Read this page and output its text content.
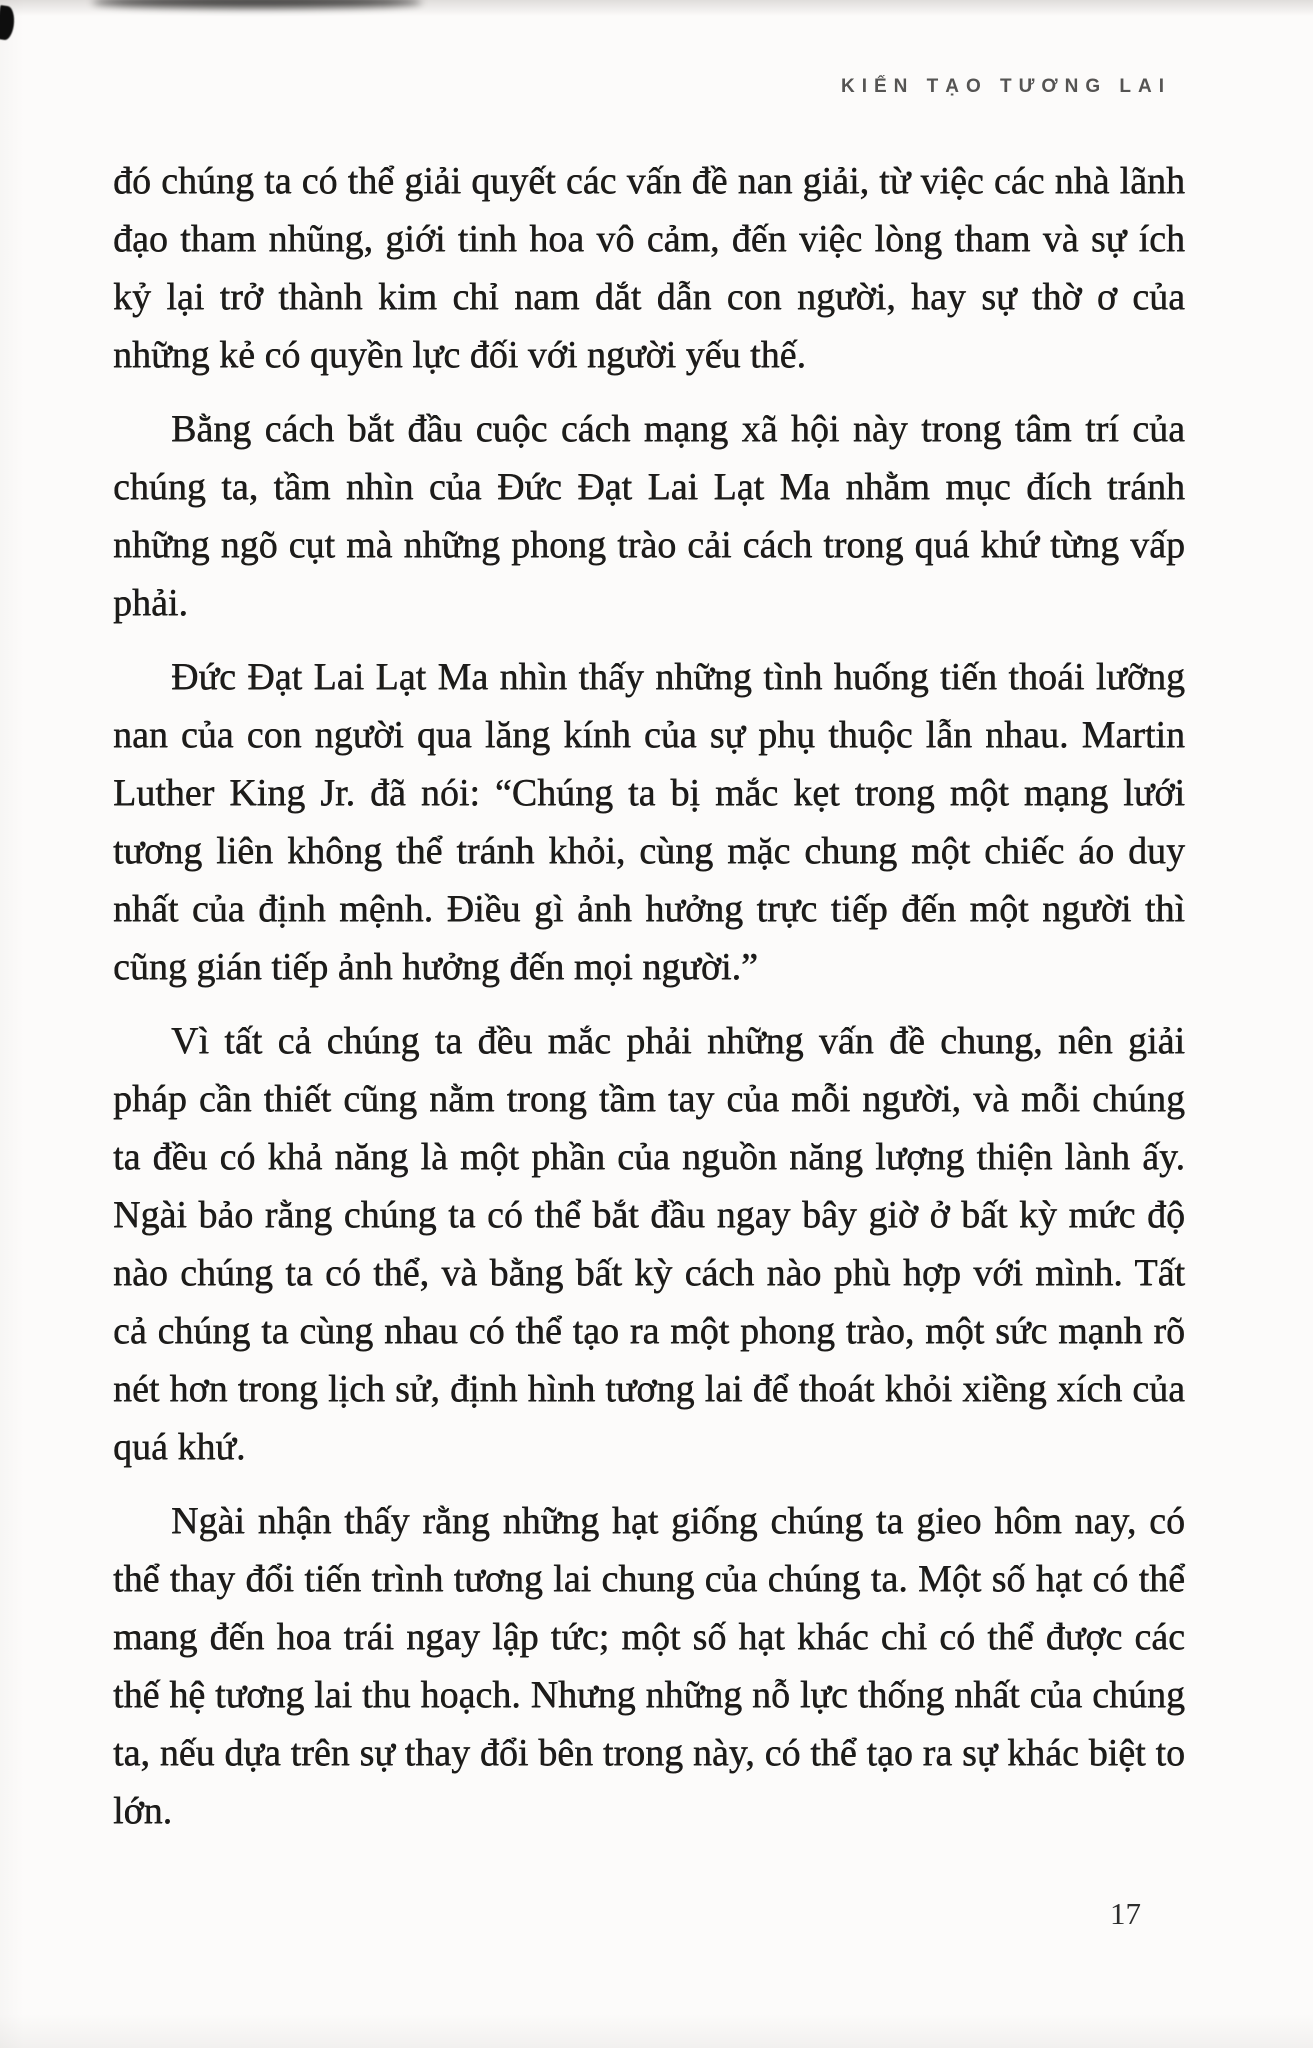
KIẾN TẠO TƯƠNG LAI

đó chúng ta có thể giải quyết các vấn đề nan giải, từ việc các nhà lãnh đạo tham nhũng, giới tinh hoa vô cảm, đến việc lòng tham và sự ích kỷ lại trở thành kim chỉ nam dắt dẫn con người, hay sự thờ ơ của những kẻ có quyền lực đối với người yếu thế.

Bằng cách bắt đầu cuộc cách mạng xã hội này trong tâm trí của chúng ta, tầm nhìn của Đức Đạt Lai Lạt Ma nhằm mục đích tránh những ngõ cụt mà những phong trào cải cách trong quá khứ từng vấp phải.

Đức Đạt Lai Lạt Ma nhìn thấy những tình huống tiến thoái lưỡng nan của con người qua lăng kính của sự phụ thuộc lẫn nhau. Martin Luther King Jr. đã nói: “Chúng ta bị mắc kẹt trong một mạng lưới tương liên không thể tránh khỏi, cùng mặc chung một chiếc áo duy nhất của định mệnh. Điều gì ảnh hưởng trực tiếp đến một người thì cũng gián tiếp ảnh hưởng đến mọi người.”

Vì tất cả chúng ta đều mắc phải những vấn đề chung, nên giải pháp cần thiết cũng nằm trong tầm tay của mỗi người, và mỗi chúng ta đều có khả năng là một phần của nguồn năng lượng thiện lành ấy. Ngài bảo rằng chúng ta có thể bắt đầu ngay bây giờ ở bất kỳ mức độ nào chúng ta có thể, và bằng bất kỳ cách nào phù hợp với mình. Tất cả chúng ta cùng nhau có thể tạo ra một phong trào, một sức mạnh rõ nét hơn trong lịch sử, định hình tương lai để thoát khỏi xiềng xích của quá khứ.

Ngài nhận thấy rằng những hạt giống chúng ta gieo hôm nay, có thể thay đổi tiến trình tương lai chung của chúng ta. Một số hạt có thể mang đến hoa trái ngay lập tức; một số hạt khác chỉ có thể được các thế hệ tương lai thu hoạch. Nhưng những nỗ lực thống nhất của chúng ta, nếu dựa trên sự thay đổi bên trong này, có thể tạo ra sự khác biệt to lớn.

17
